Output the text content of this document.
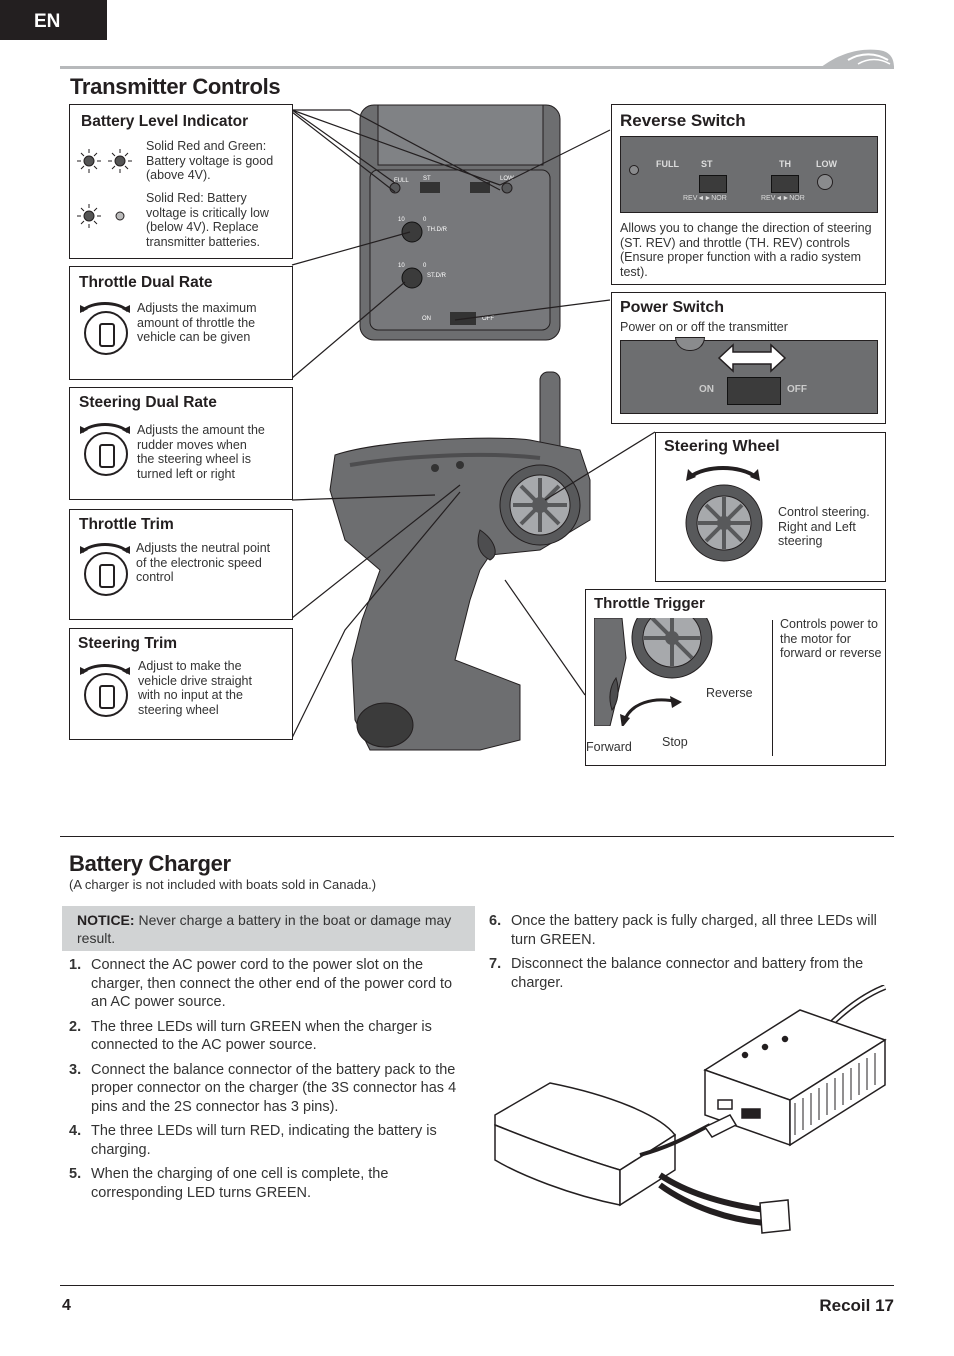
EN
Transmitter Controls
FULL ST	LOW
10	0
TH.D/R
10	0
ST.D/R
ON	OFF
Battery Level Indicator
Solid Red and Green: Battery voltage is good (above 4V).
Solid Red: Battery voltage is critically low (below 4V). Replace transmitter batteries.
Throttle Dual Rate
Adjusts the maximum amount of throttle the vehicle can be given
Steering Dual Rate
Adjusts the amount the rudder moves when the steering wheel is turned left or right
Throttle Trim
Adjusts the neutral point of the electronic speed control
Steering Trim
Adjust to make the vehicle drive straight with no input at the steering wheel
Reverse Switch
FULL ST	TH	LOW
REV◄►NOR	REV◄►NOR
Allows you to change the direction of steering (ST. REV) and throttle (TH. REV) controls (Ensure proper function with a radio system test).
Power Switch
Power on or off the transmitter
ON	OFF
Steering Wheel
Control steering. Right and Left steering
Throttle Trigger
Reverse
Stop
Forward
Controls power to the motor for forward or reverse
Battery Charger
(A charger is not included with boats sold in Canada.)
NOTICE: Never charge a battery in the boat or damage may result.
1. Connect the AC power cord to the power slot on the charger, then connect the other end of the power cord to an AC power source.
2. The three LEDs will turn GREEN when the charger is connected to the AC power source.
3. Connect the balance connector of the battery pack to the proper connector on the charger (the 3S connector has 4 pins and the 2S connector has 3 pins).
4. The three LEDs will turn RED, indicating the battery is charging.
5. When the charging of one cell is complete, the corresponding LED turns GREEN.
6. Once the battery pack is fully charged, all three LEDs will turn GREEN.
7. Disconnect the balance connector and battery from the charger.
4	Recoil 17
